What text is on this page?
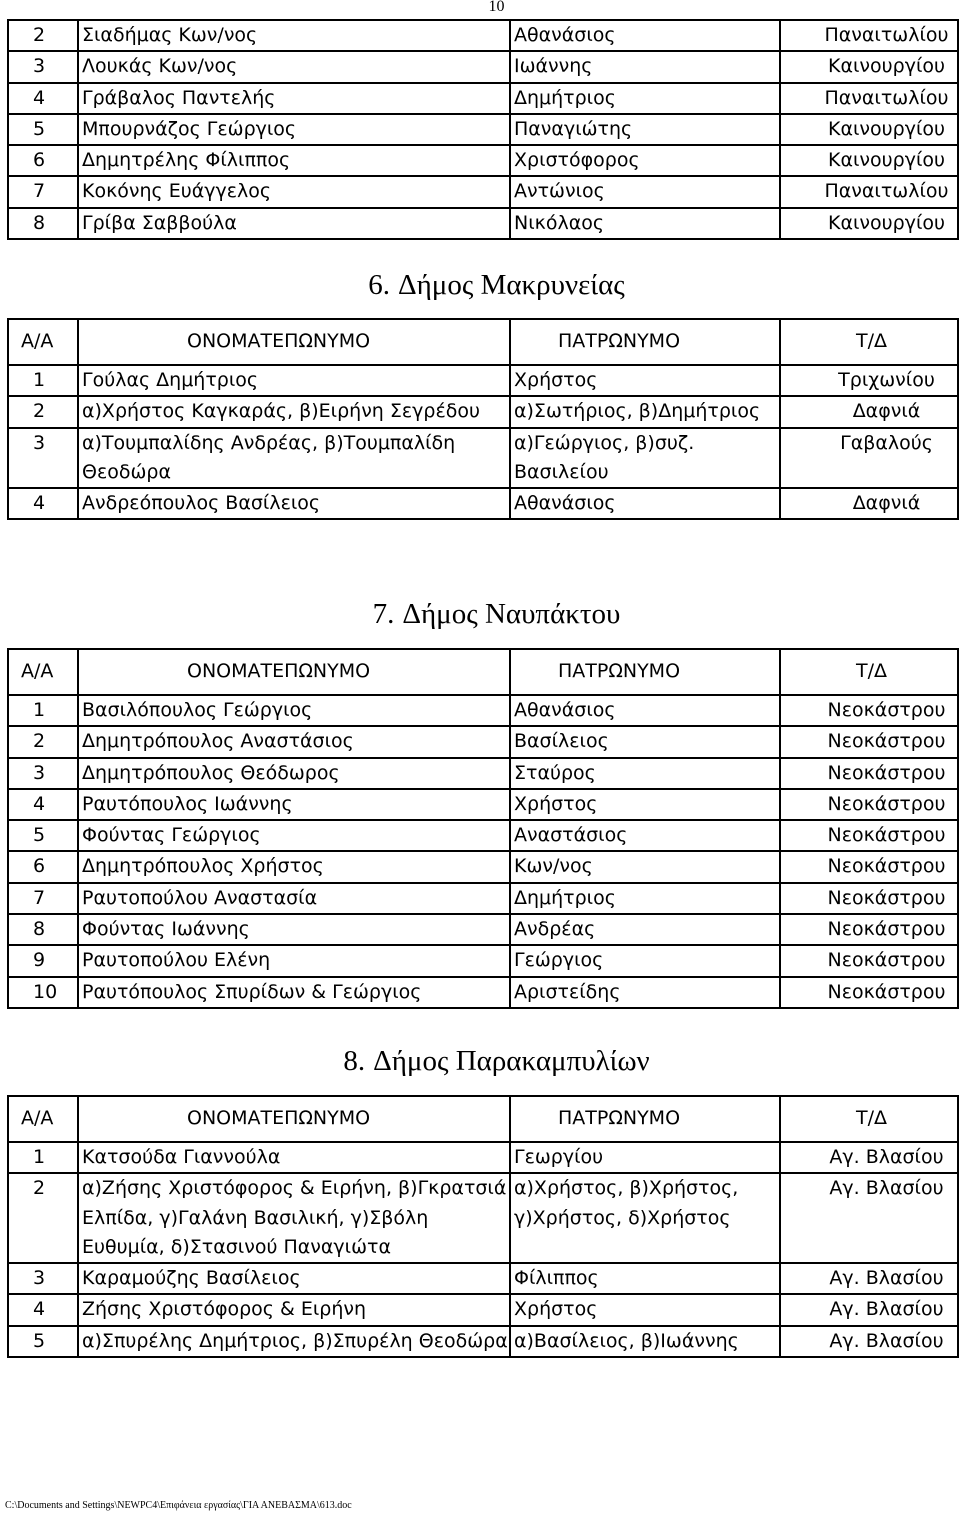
10
2	Σιαδήμας Κων/νος	Αθανάσιος	Παναιτωλίου
3	Λουκάς Κων/νος	Ιωάννης	Καινουργίου
4	Γράβαλος Παντελής	Δημήτριος	Παναιτωλίου
5	Μπουρνάζος Γεώργιος	Παναγιώτης	Καινουργίου
6	Δημητρέλης Φίλιππος	Χριστόφορος	Καινουργίου
7	Κοκόνης Ευάγγελος	Αντώνιος	Παναιτωλίου
8	Γρίβα Σαββούλα	Νικόλαος	Καινουργίου
6. Δήμος Μακρυνείας
Α/Α	ΟΝΟΜΑΤΕΠΩΝΥΜΟ	ΠΑΤΡΩΝΥΜΟ	Τ/Δ
1	Γούλας Δημήτριος	Χρήστος	Τριχωνίου
2	α)Χρήστος Καγκαράς, β)Ειρήνη Σεγρέδου	α)Σωτήριος, β)Δημήτριος	Δαφνιά
3	α)Τουμπαλίδης Ανδρέας, β)Τουμπαλίδη Θεοδώρα	α)Γεώργιος, β)συζ. Βασιλείου	Γαβαλούς
4	Ανδρεόπουλος Βασίλειος	Αθανάσιος	Δαφνιά
7. Δήμος Ναυπάκτου
Α/Α	ΟΝΟΜΑΤΕΠΩΝΥΜΟ	ΠΑΤΡΩΝΥΜΟ	Τ/Δ
1	Βασιλόπουλος Γεώργιος	Αθανάσιος	Νεοκάστρου
2	Δημητρόπουλος Αναστάσιος	Βασίλειος	Νεοκάστρου
3	Δημητρόπουλος Θεόδωρος	Σταύρος	Νεοκάστρου
4	Ραυτόπουλος Ιωάννης	Χρήστος	Νεοκάστρου
5	Φούντας Γεώργιος	Αναστάσιος	Νεοκάστρου
6	Δημητρόπουλος Χρήστος	Κων/νος	Νεοκάστρου
7	Ραυτοπούλου Αναστασία	Δημήτριος	Νεοκάστρου
8	Φούντας Ιωάννης	Ανδρέας	Νεοκάστρου
9	Ραυτοπούλου Ελένη	Γεώργιος	Νεοκάστρου
10	Ραυτόπουλος Σπυρίδων & Γεώργιος	Αριστείδης	Νεοκάστρου
8. Δήμος Παρακαμπυλίων
Α/Α	ΟΝΟΜΑΤΕΠΩΝΥΜΟ	ΠΑΤΡΩΝΥΜΟ	Τ/Δ
1	Κατσούδα Γιαννούλα	Γεωργίου	Αγ. Βλασίου
2	α)Ζήσης Χριστόφορος & Ειρήνη, β)Γκρατσιά Ελπίδα, γ)Γαλάνη Βασιλική, γ)Σβόλη Ευθυμία, δ)Στασινού Παναγιώτα	α)Χρήστος, β)Χρήστος, γ)Χρήστος, δ)Χρήστος	Αγ. Βλασίου
3	Καραμούζης Βασίλειος	Φίλιππος	Αγ. Βλασίου
4	Ζήσης Χριστόφορος & Ειρήνη	Χρήστος	Αγ. Βλασίου
5	α)Σπυρέλης Δημήτριος, β)Σπυρέλη Θεοδώρα	α)Βασίλειος, β)Ιωάννης	Αγ. Βλασίου
C:\Documents and Settings\NEWPC4\Επιφάνεια εργασίας\ΓΙΑ ΑΝΕΒΑΣΜΑ\613.doc
